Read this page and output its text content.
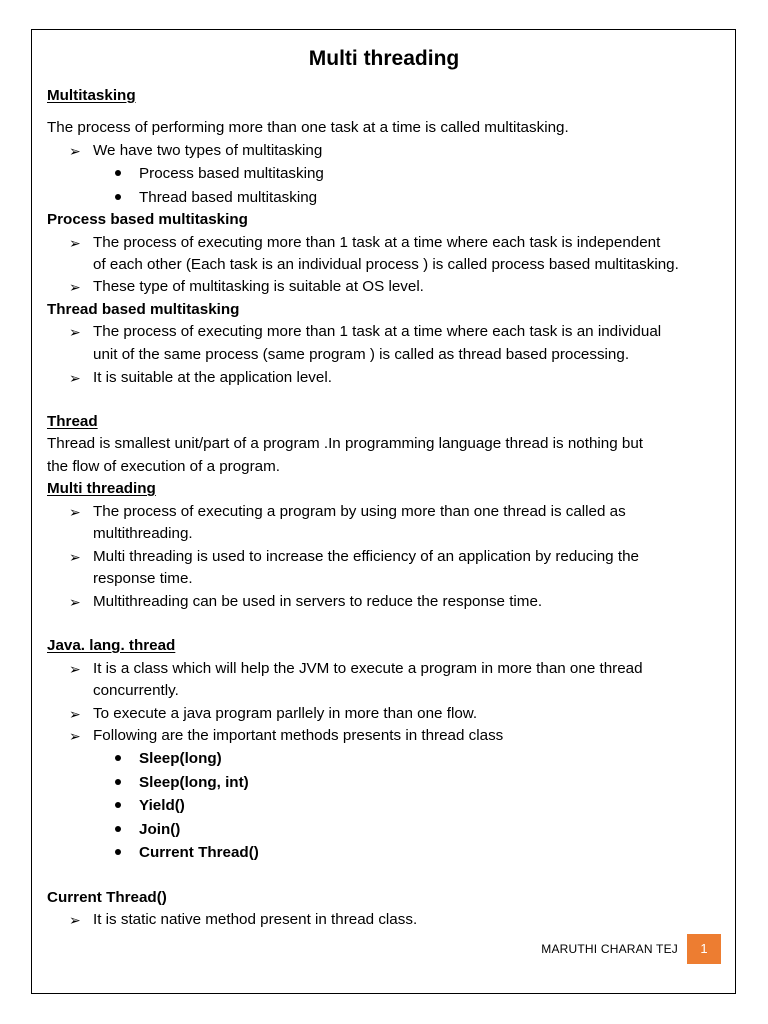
Multi threading
Multitasking
The process of performing more than one task at a time is called multitasking.
➢ We have two types of multitasking
Process based multitasking
Thread based multitasking
Process based multitasking
➢ The process of executing more than 1 task at a time where each task is independent
of each other (Each task is an individual process ) is called process based multitasking.
➢ These type of multitasking is suitable at OS level.
Thread based multitasking
➢ The process of executing more than 1 task at a time where each task is an individual
unit of the same process (same program ) is called as thread based processing.
➢ It is suitable at the application level.
Thread
Thread is smallest unit/part of a program .In programming language thread is nothing but
the flow of execution of a program.
Multi threading
➢ The process of executing a program by using more than one thread is called as
multithreading.
➢ Multi threading is used to increase the efficiency of an application by reducing the
response time.
➢ Multithreading can be used in servers to reduce the response time.
Java. lang. thread
➢ It is a class which will help the JVM to execute a program in more than one thread
concurrently.
➢ To execute a java program parllely in more than one flow.
➢ Following are the important methods presents in thread class
Sleep(long)
Sleep(long, int)
Yield()
Join()
Current Thread()
Current Thread()
➢ It is static native method present in thread class.
MARUTHI CHARAN TEJ	1
